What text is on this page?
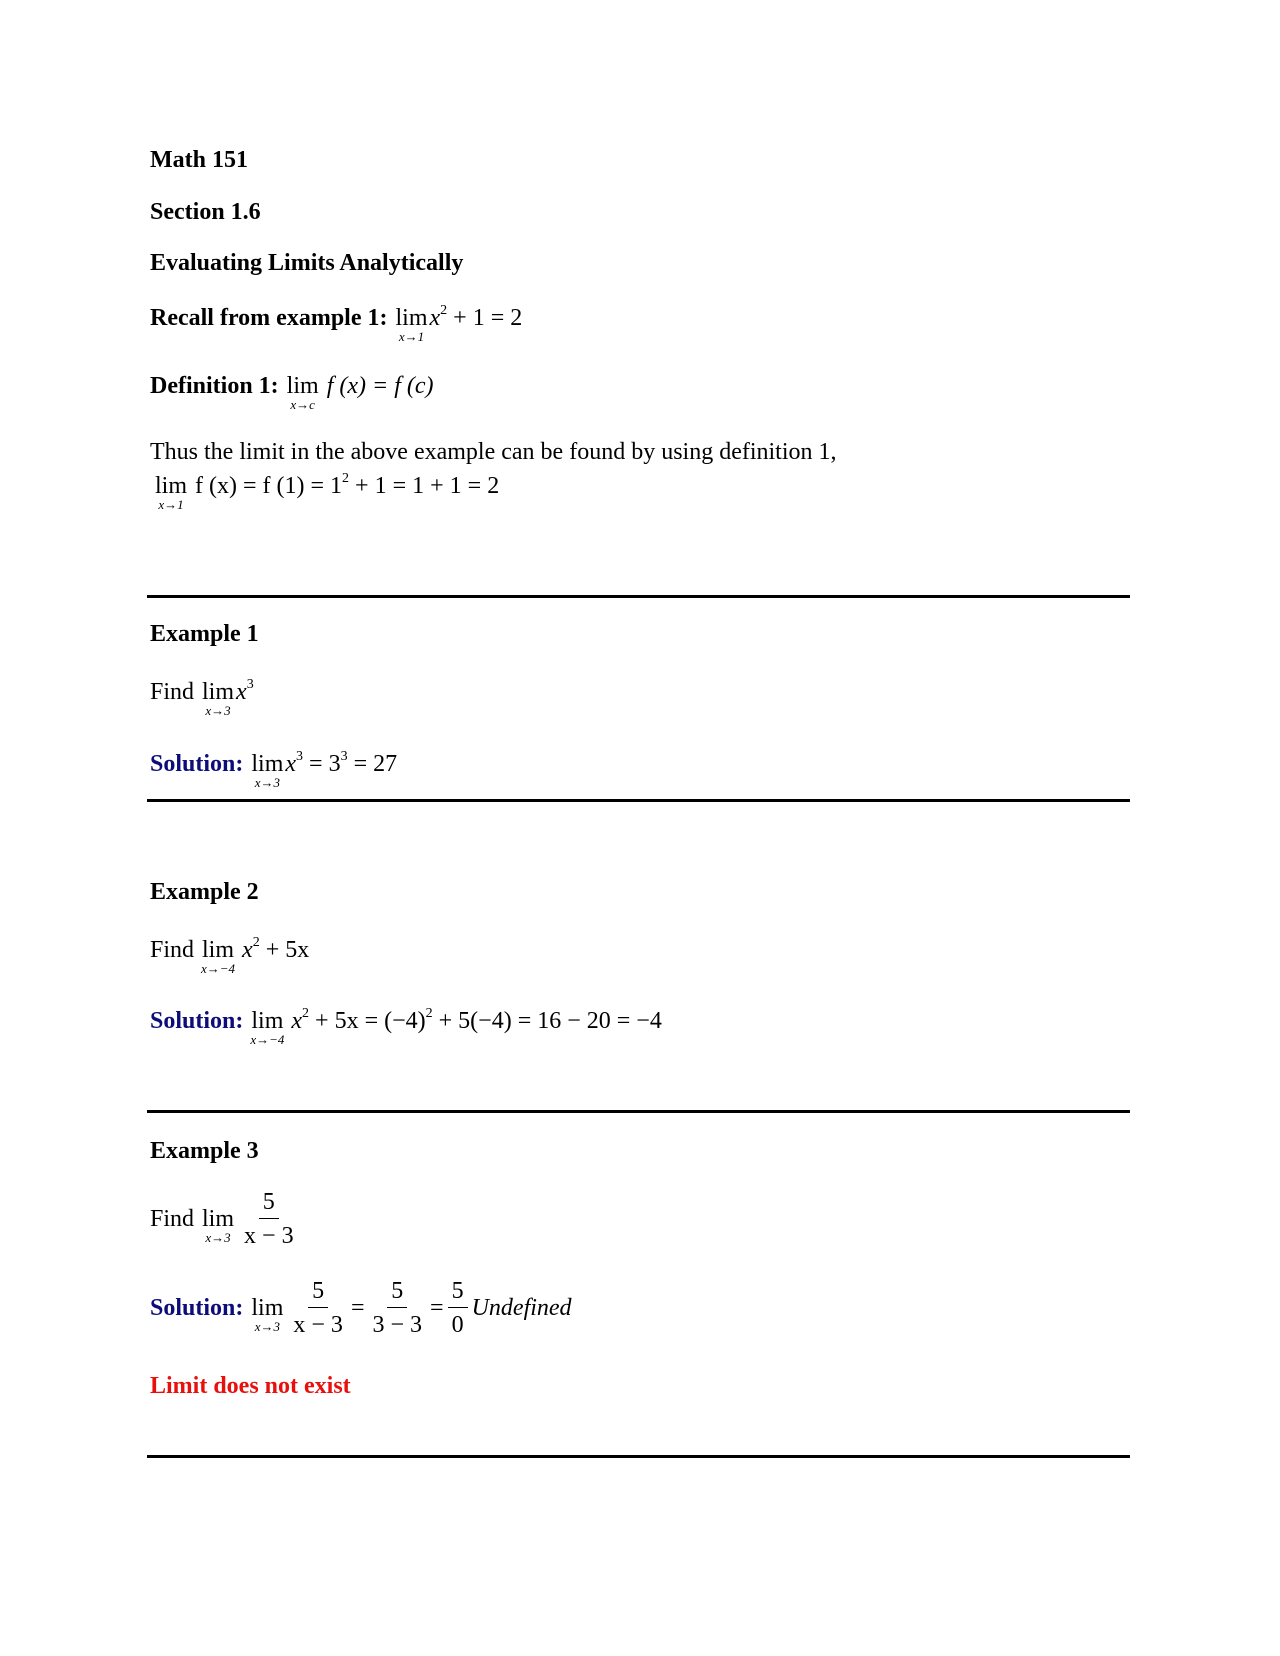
Math 151
Section 1.6
Evaluating Limits Analytically
Recall from example 1: lim
x→1
$x^2 + 1 = 2$
Definition 1: lim
x→c
f (x) = f (c)
Thus the limit in the above example can be found by using definition 1,
lim
x→1
f (x) = f $(1) = 1^2 + 1 = 1 + 1 = 2$
Example 1
Find lim
x→3
$x^3$
Solution: lim
x→3
$x^3 = 3^3 = 27$
Example 2
Find lim
x→−4
$x^2 + 5x$
Solution: lim
x→−4
$x^2 + 5x = (-4)^2 + 5(-4) = 16 - 20 = -4$
Example 3
Find lim
$x\to 3 \frac{5}{x - 3}$
Solution: lim
$x\to 3 \frac{5}{x - 3} = \frac{5}{3 - 3} = \frac{5}{0}$ Undefined
Limit does not exist
